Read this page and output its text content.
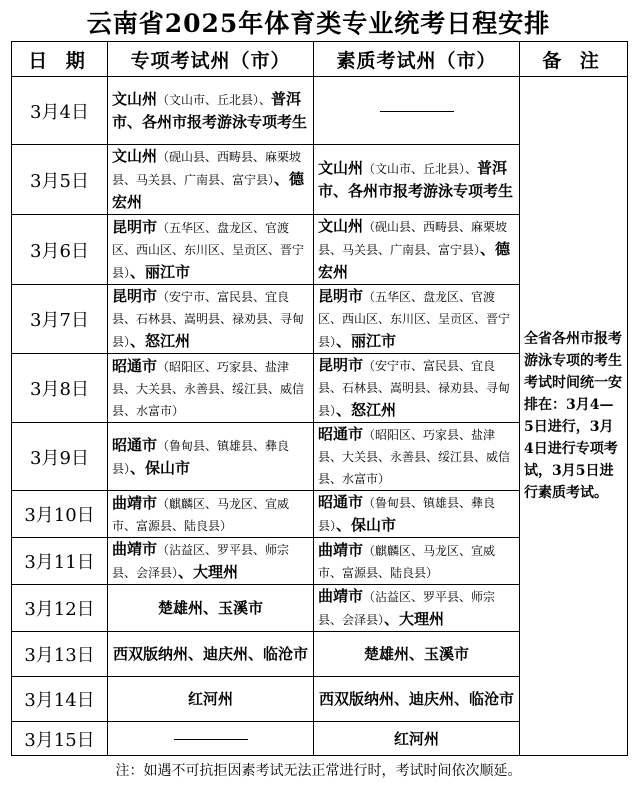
云南省2025年体育类专业统考日程安排
日 期	专项考试州（市）	素质考试州（市）	备 注
3月4日	文山州（文山市、丘北县）、普洱市、各州市报考游泳专项考生		全省各州市报考游泳专项的考生考试时间统一安排在：3月4—5日进行，3月4日进行专项考试，3月5日进行素质考试。
3月5日	文山州（砚山县、西畴县、麻栗坡县、马关县、广南县、富宁县）、德宏州	文山州（文山市、丘北县）、普洱市、各州市报考游泳专项考生	
3月6日	昆明市（五华区、盘龙区、官渡区、西山区、东川区、呈贡区、晋宁县）、丽江市	文山州（砚山县、西畴县、麻栗坡县、马关县、广南县、富宁县）、德宏州	
3月7日	昆明市（安宁市、富民县、宜良县、石林县、嵩明县、禄劝县、寻甸县）、怒江州	昆明市（五华区、盘龙区、官渡区、西山区、东川区、呈贡区、晋宁县）、丽江市	
3月8日	昭通市（昭阳区、巧家县、盐津县、大关县、永善县、绥江县、威信县、水富市）	昆明市（安宁市、富民县、宜良县、石林县、嵩明县、禄劝县、寻甸县）、怒江州	
3月9日	昭通市（鲁甸县、镇雄县、彝良县）、保山市	昭通市（昭阳区、巧家县、盐津县、大关县、永善县、绥江县、威信县、水富市）	
3月10日	曲靖市（麒麟区、马龙区、宣威市、富源县、陆良县）	昭通市（鲁甸县、镇雄县、彝良县）、保山市	
3月11日	曲靖市（沾益区、罗平县、师宗县、会泽县）、大理州	曲靖市（麒麟区、马龙区、宣威市、富源县、陆良县）	
3月12日	楚雄州、玉溪市	曲靖市（沾益区、罗平县、师宗县、会泽县）、大理州	
3月13日	西双版纳州、迪庆州、临沧市	楚雄州、玉溪市	
3月14日	红河州	西双版纳州、迪庆州、临沧市	
3月15日		红河州	
注：如遇不可抗拒因素考试无法正常进行时，考试时间依次顺延。
